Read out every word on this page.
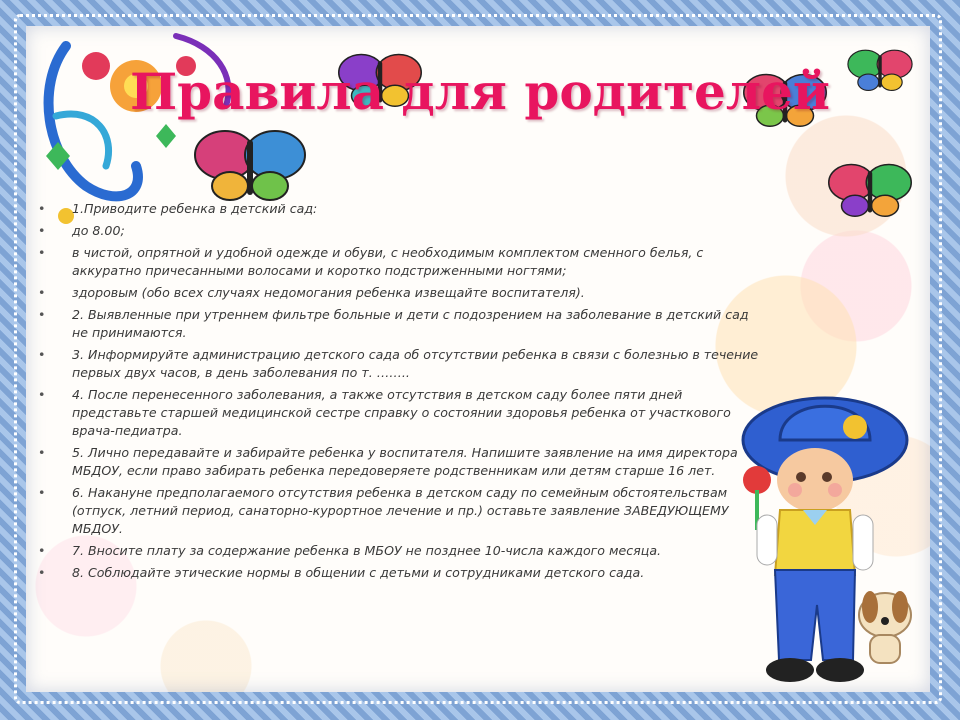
Правила для родителей
• 1.Приводите ребенка в детский сад:
• до 8.00;
• в чистой, опрятной и удобной одежде и обуви, с необходимым комплектом сменного белья, с аккуратно причесанными волосами и коротко подстриженными ногтями;
• здоровым (обо всех случаях недомогания ребенка извещайте воспитателя).
• 2. Выявленные при утреннем фильтре больные и дети с подозрением на заболевание в детский сад не принимаются.
• 3. Информируйте администрацию детского сада об отсутствии ребенка в связи с болезнью в течение первых двух часов, в день заболевания по т. ……..
• 4. После перенесенного заболевания, а также отсутствия в детском саду более пяти дней представьте старшей медицинской сестре справку о состоянии здоровья ребенка от участкового врача-педиатра.
• 5. Лично передавайте и забирайте ребенка у воспитателя. Напишите заявление на имя директора МБДОУ, если право забирать ребенка передоверяете родственникам или детям старше 16 лет.
• 6. Накануне предполагаемого отсутствия ребенка в детском саду по семейным обстоятельствам (отпуск, летний период, санаторно-курортное лечение и пр.) оставьте заявление ЗАВЕДУЮЩЕМУ МБДОУ.
• 7. Вносите плату за содержание ребенка в МБОУ не позднее 10-числа каждого месяца.
• 8. Соблюдайте этические нормы в общении с детьми и сотрудниками детского сада.
